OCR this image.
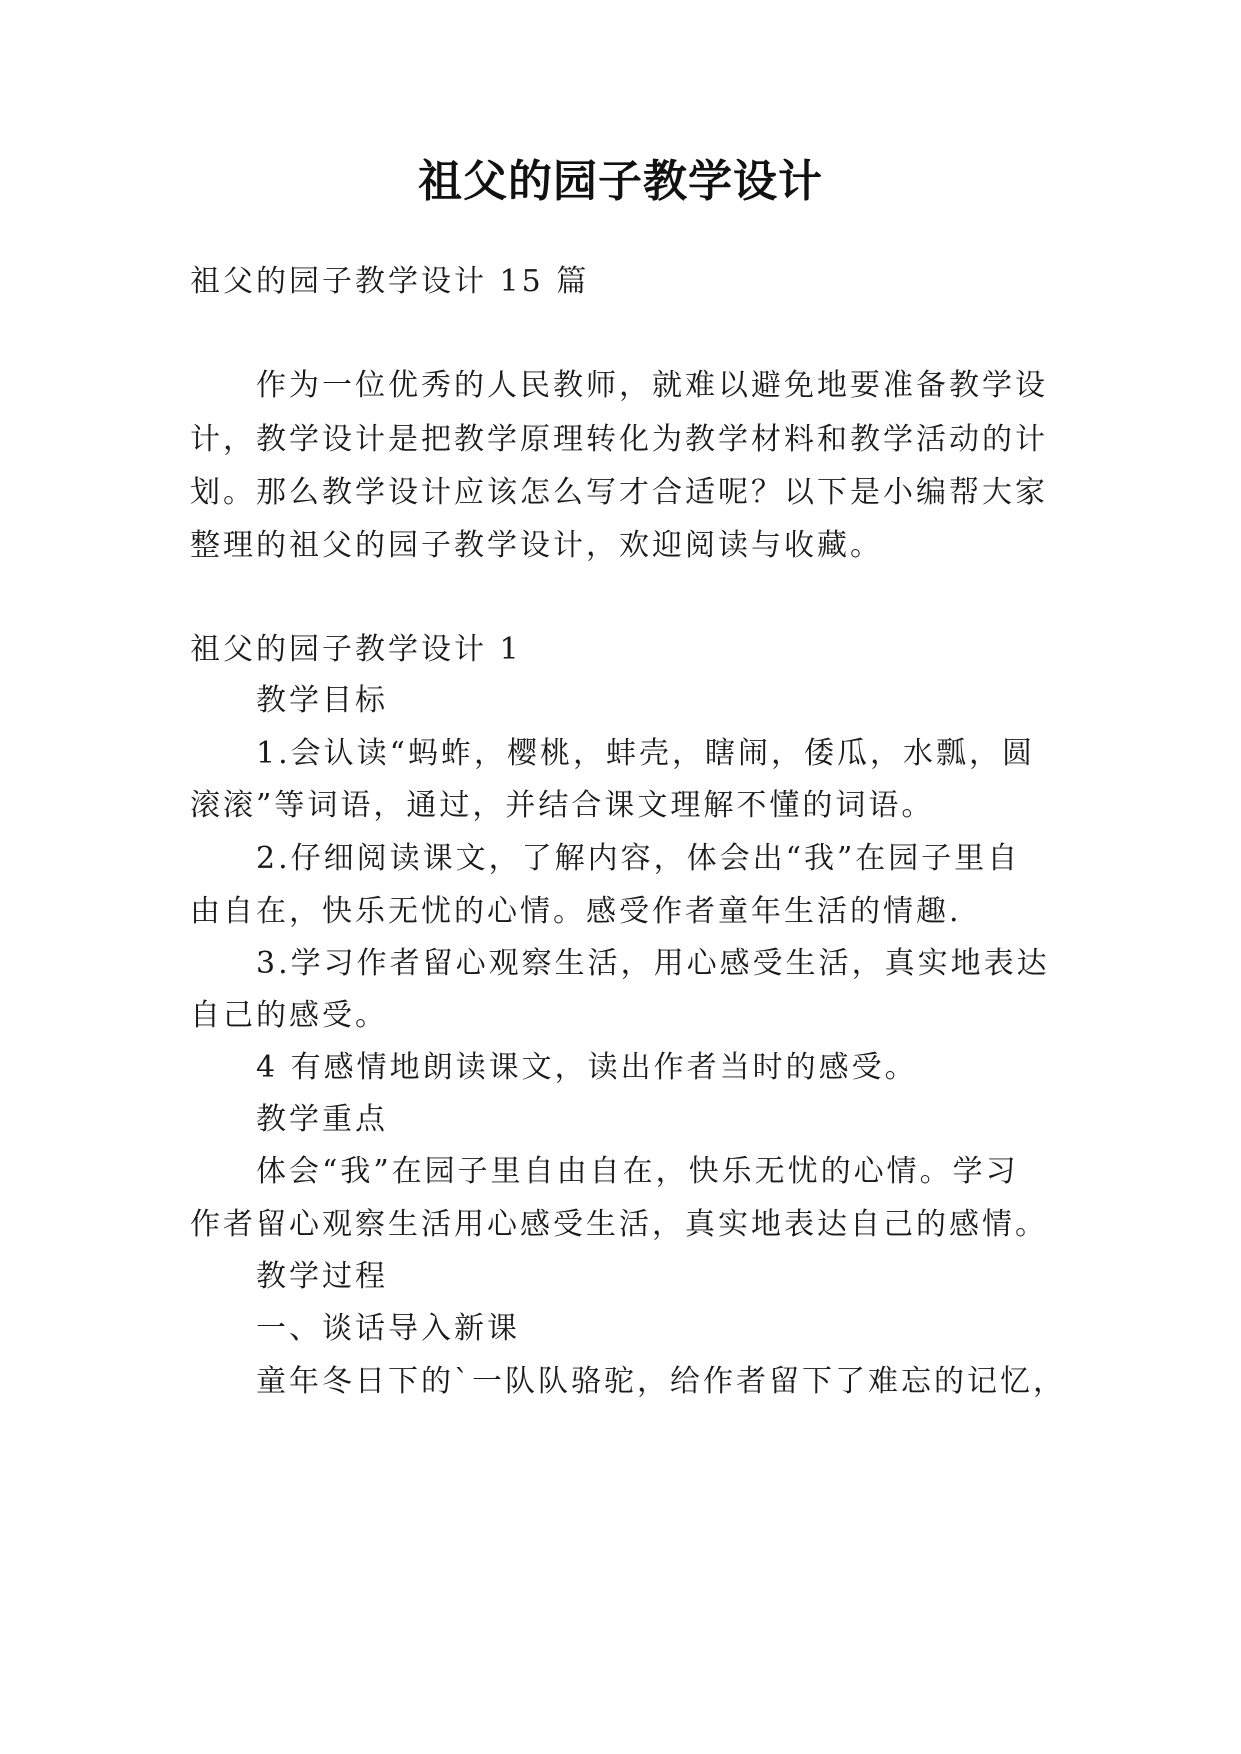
祖父的园子教学设计
祖父的园子教学设计 15 篇
作为一位优秀的人民教师，就难以避免地要准备教学设
计，教学设计是把教学原理转化为教学材料和教学活动的计
划。那么教学设计应该怎么写才合适呢？以下是小编帮大家
整理的祖父的园子教学设计，欢迎阅读与收藏。
祖父的园子教学设计 1
教学目标
1.会认读“蚂蚱，樱桃，蚌壳，瞎闹，倭瓜，水瓢，圆
滚滚”等词语，通过，并结合课文理解不懂的词语。
2.仔细阅读课文，了解内容，体会出“我”在园子里自
由自在，快乐无忧的心情。感受作者童年生活的情趣.
3.学习作者留心观察生活，用心感受生活，真实地表达
自己的感受。
4 有感情地朗读课文，读出作者当时的感受。
教学重点
体会“我”在园子里自由自在，快乐无忧的心情。学习
作者留心观察生活用心感受生活，真实地表达自己的感情。
教学过程
一、谈话导入新课
童年冬日下的`一队队骆驼，给作者留下了难忘的记忆，
